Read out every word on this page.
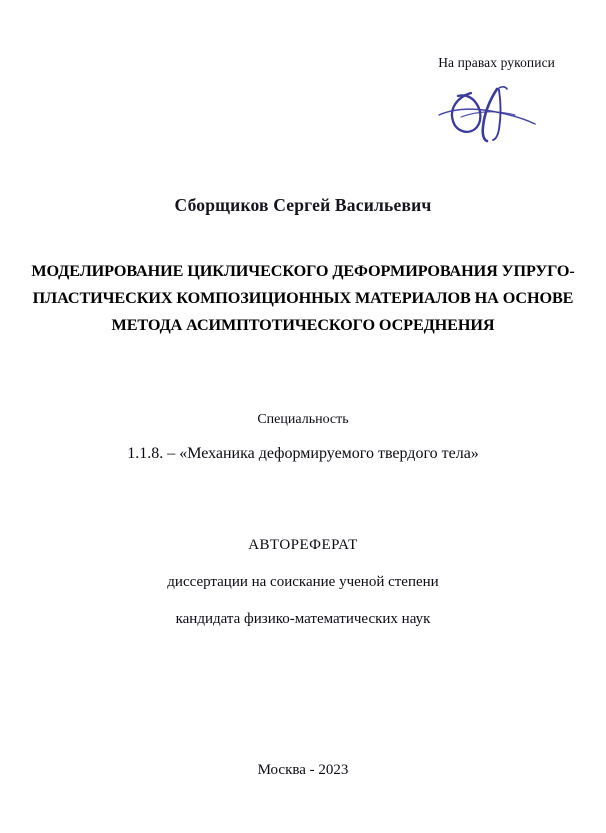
На правах рукописи
Сборщиков Сергей Васильевич
МОДЕЛИРОВАНИЕ ЦИКЛИЧЕСКОГО ДЕФОРМИРОВАНИЯ УПРУГО-
ПЛАСТИЧЕСКИХ КОМПОЗИЦИОННЫХ МАТЕРИАЛОВ НА ОСНОВЕ
МЕТОДА АСИМПТОТИЧЕСКОГО ОСРЕДНЕНИЯ
Специальность
1.1.8. – «Механика деформируемого твердого тела»
АВТОРЕФЕРАТ
диссертации на соискание ученой степени
кандидата физико-математических наук
Москва - 2023
